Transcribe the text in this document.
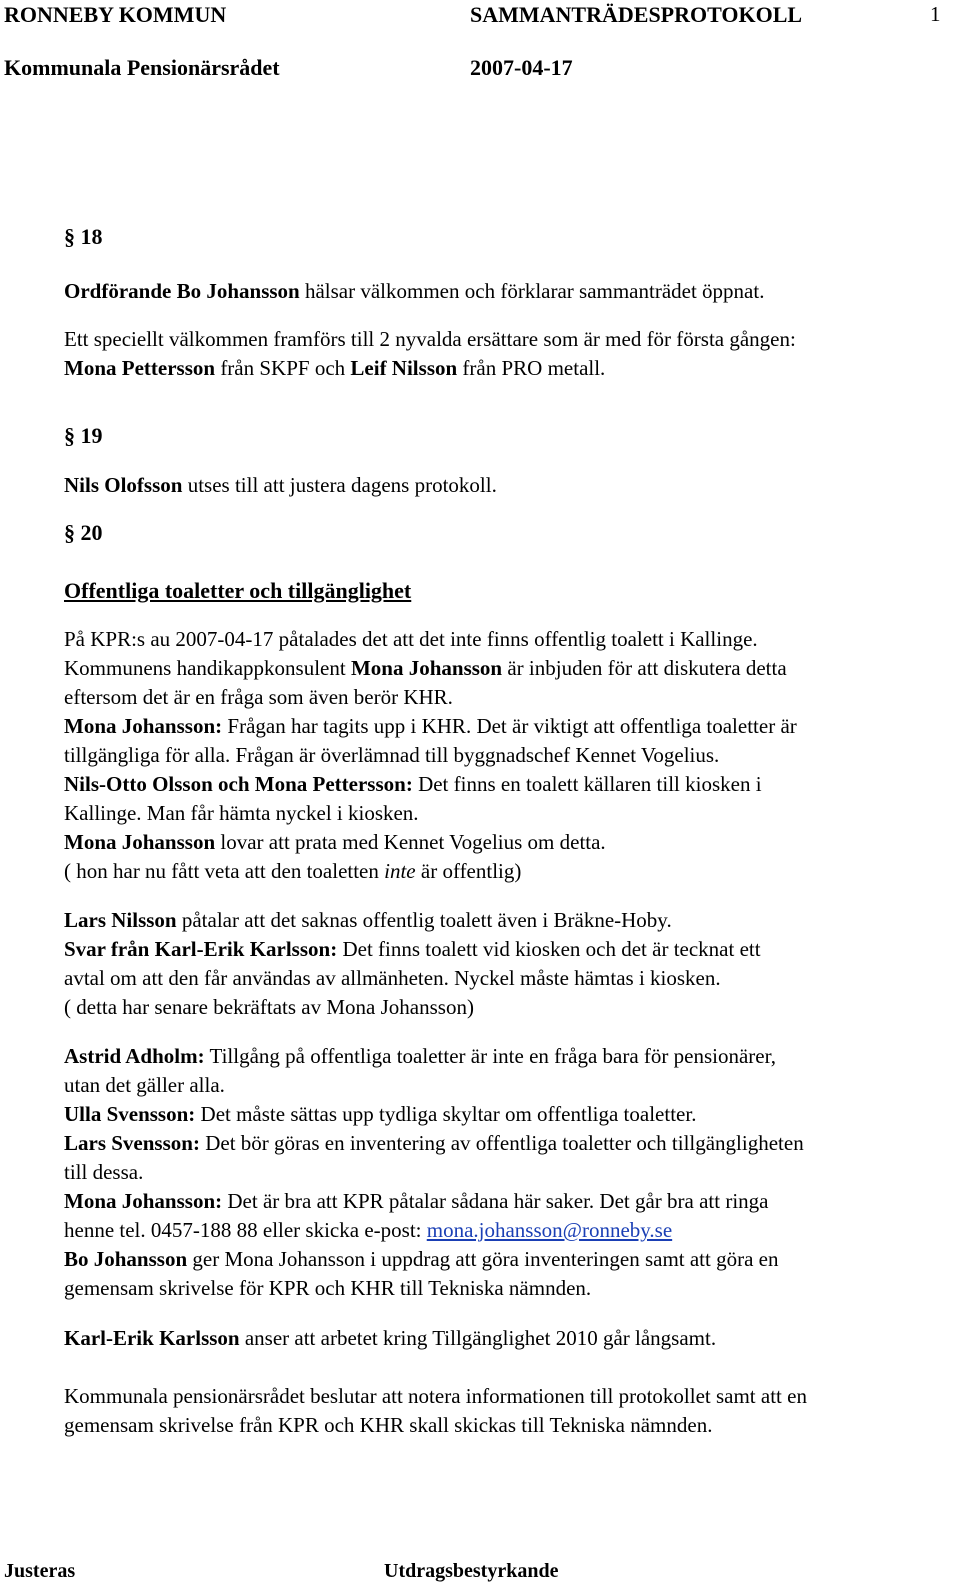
RONNEBY KOMMUN	SAMMANTRÄDESPROTOKOLL	1
Kommunala Pensionärsrådet	2007-04-17
§ 18
Ordförande Bo Johansson hälsar välkommen och förklarar sammanträdet öppnat.
Ett speciellt välkommen framförs till 2 nyvalda ersättare som är med för första gången:
Mona Pettersson från SKPF och Leif Nilsson från PRO metall.
§ 19
Nils Olofsson utses till att justera dagens protokoll.
§ 20
Offentliga toaletter och tillgänglighet
På KPR:s au 2007-04-17 påtalades det att det inte finns offentlig toalett i Kallinge.
Kommunens handikappkonsulent Mona Johansson är inbjuden för att diskutera detta
eftersom det är en fråga som även berör KHR.
Mona Johansson: Frågan har tagits upp i KHR. Det är viktigt att offentliga toaletter är
tillgängliga för alla. Frågan är överlämnad till byggnadschef Kennet Vogelius.
Nils-Otto Olsson och Mona Pettersson: Det finns en toalett källaren till kiosken i
Kallinge. Man får hämta nyckel i kiosken.
Mona Johansson lovar att prata med Kennet Vogelius om detta.
( hon har nu fått veta att den toaletten inte är offentlig)
Lars Nilsson påtalar att det saknas offentlig toalett även i Bräkne-Hoby.
Svar från Karl-Erik Karlsson: Det finns toalett vid kiosken och det är tecknat ett
avtal om att den får användas av allmänheten. Nyckel måste hämtas i kiosken.
( detta har senare bekräftats av Mona Johansson)
Astrid Adholm: Tillgång på offentliga toaletter är inte en fråga bara för pensionärer,
utan det gäller alla.
Ulla Svensson: Det måste sättas upp tydliga skyltar om offentliga toaletter.
Lars Svensson: Det bör göras en inventering av offentliga toaletter och tillgängligheten
till dessa.
Mona Johansson: Det är bra att KPR påtalar sådana här saker. Det går bra att ringa
henne tel. 0457-188 88 eller skicka e-post: mona.johansson@ronneby.se
Bo Johansson ger Mona Johansson i uppdrag att göra inventeringen samt att göra en
gemensam skrivelse för KPR och KHR till Tekniska nämnden.
Karl-Erik Karlsson anser att arbetet kring Tillgänglighet 2010 går långsamt.
Kommunala pensionärsrådet beslutar att notera informationen till protokollet samt att en
gemensam skrivelse från KPR och KHR skall skickas till Tekniska nämnden.
Justeras	Utdragsbestyrkande
